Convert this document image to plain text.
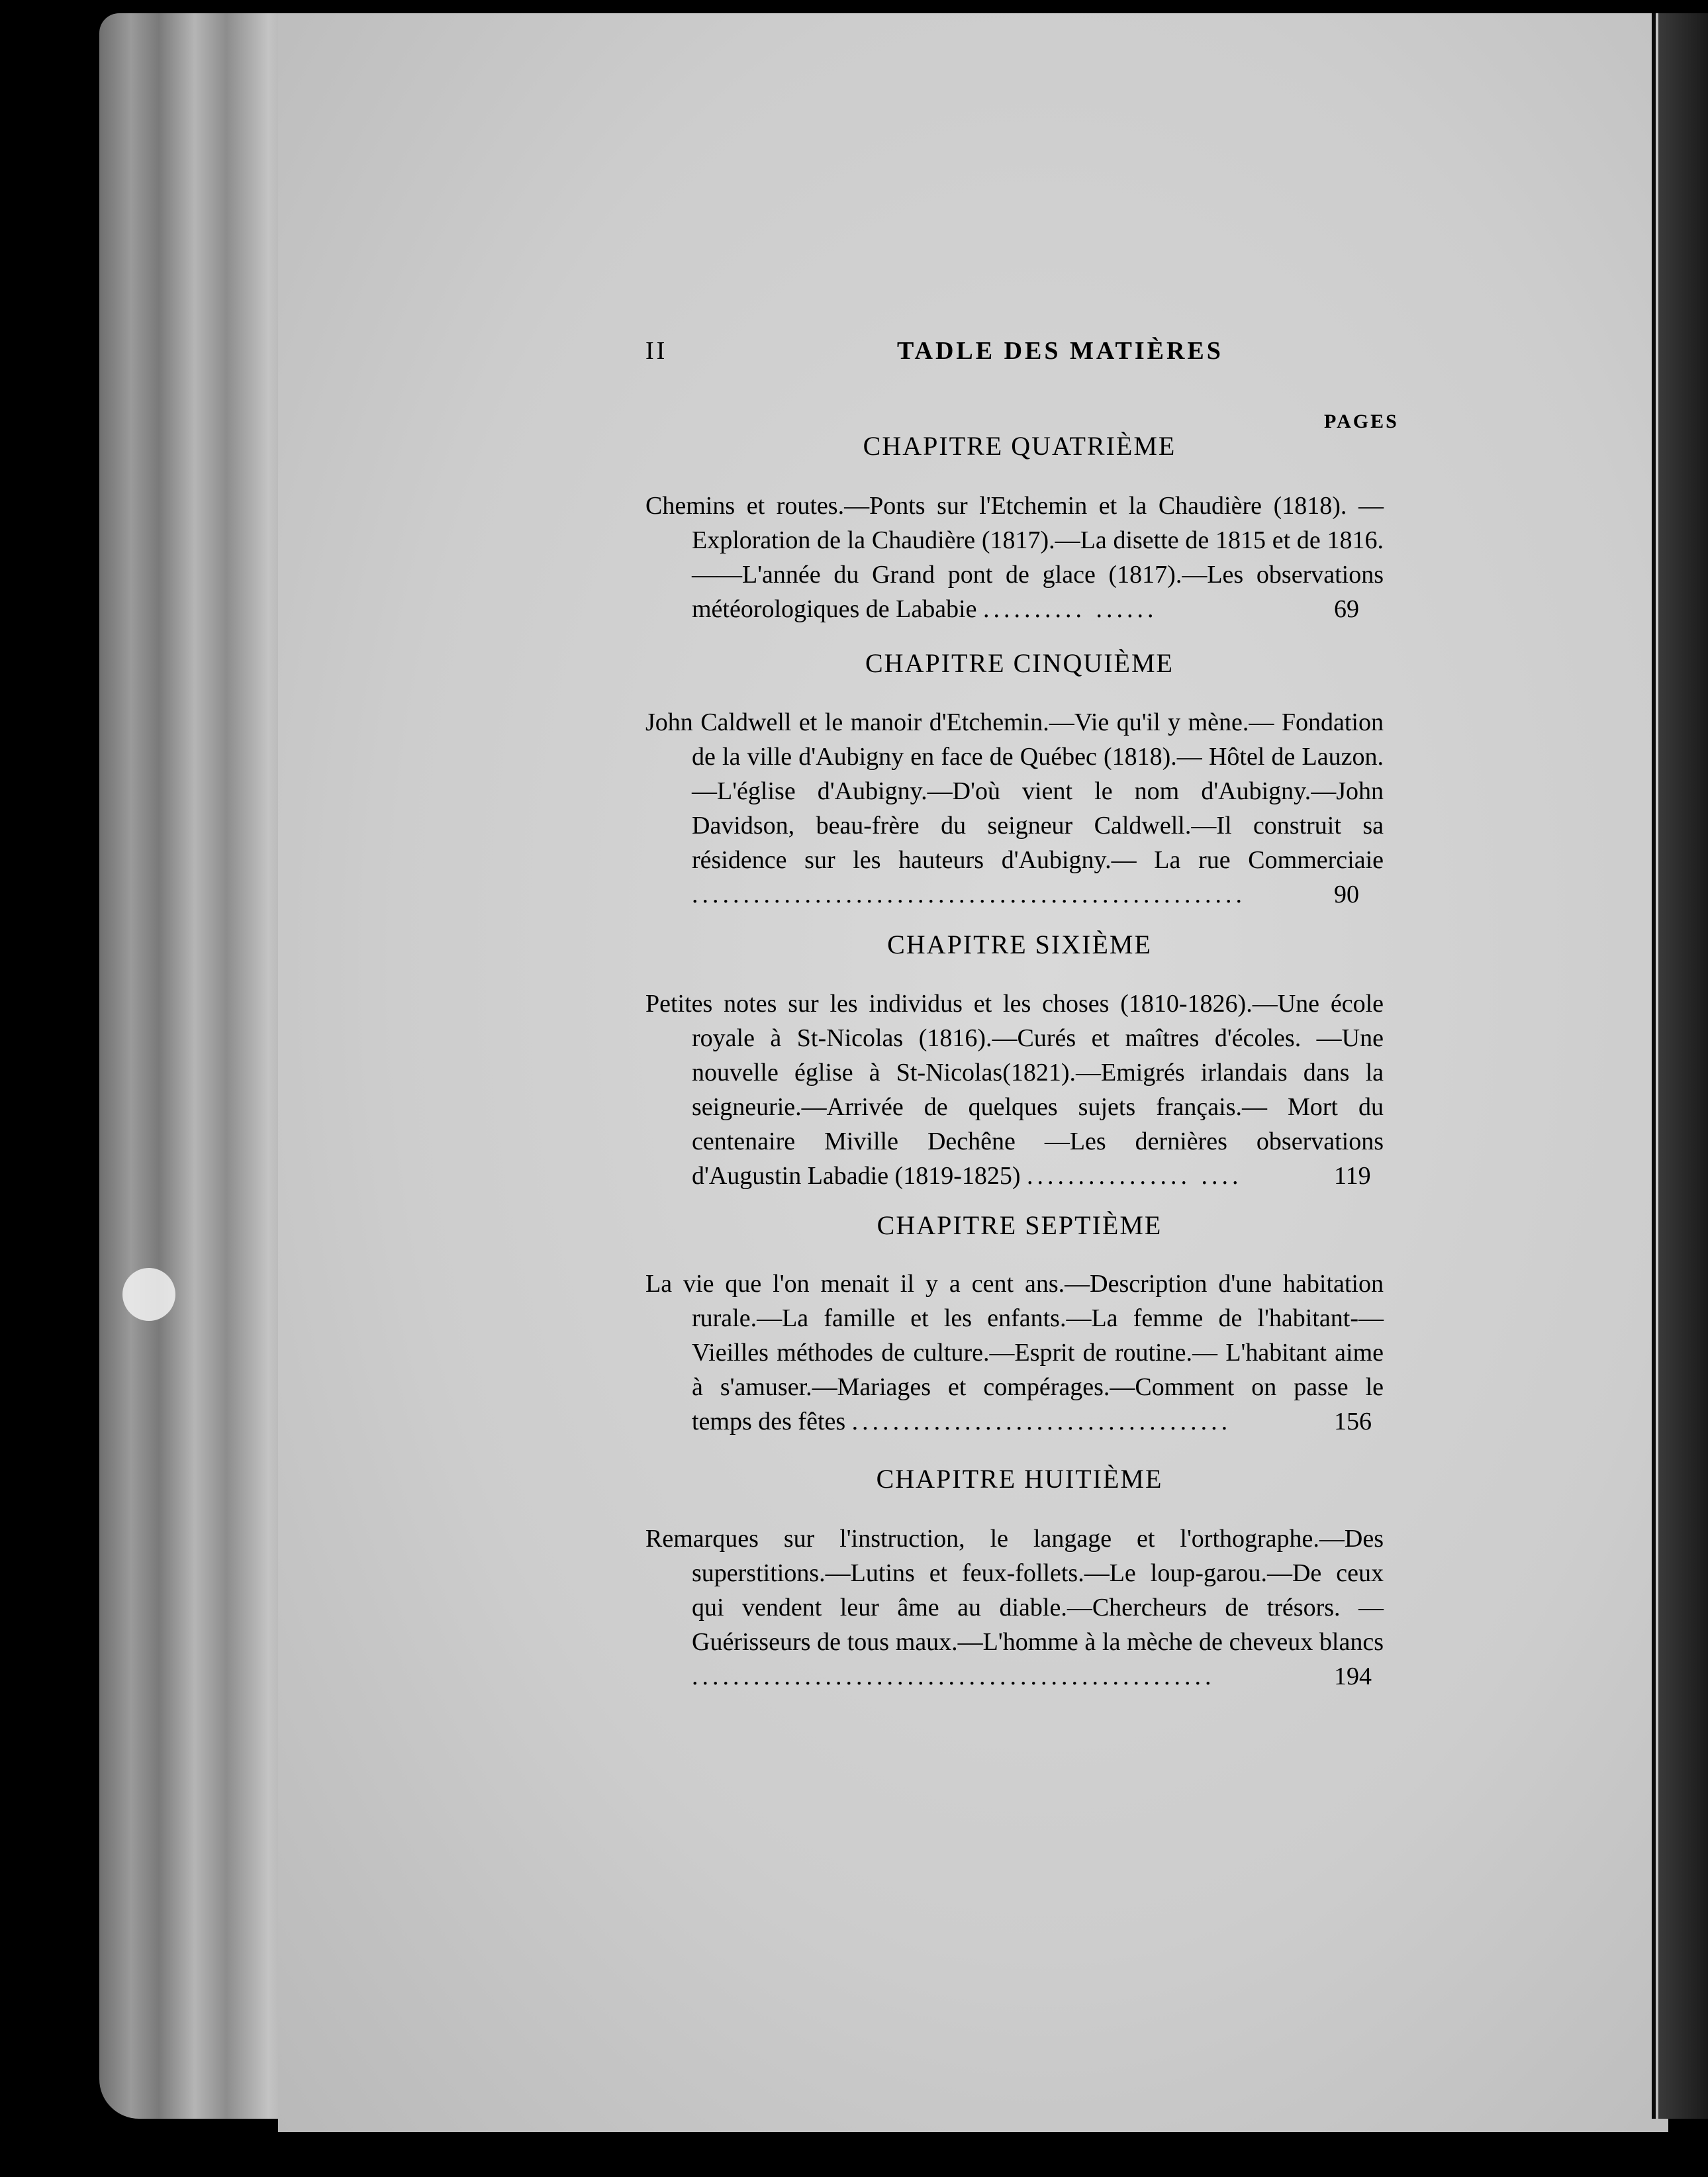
II	TADLE DES MATIÈRES
PAGES
CHAPITRE QUATRIÈME
Chemins et routes.—Ponts sur l'Etchemin et la Chaudière (1818). —Exploration de la Chaudière (1817).—La disette de 1815 et de 1816.——L'année du Grand pont de glace (1817).—Les observations météorologiques de Lababie .......... ......	69
CHAPITRE CINQUIÈME
John Caldwell et le manoir d'Etchemin.—Vie qu'il y mène.— Fondation de la ville d'Aubigny en face de Québec (1818).— Hôtel de Lauzon.—L'église d'Aubigny.—D'où vient le nom d'Aubigny.—John Davidson, beau-frère du seigneur Caldwell.—Il construit sa résidence sur les hauteurs d'Aubigny.— La rue Commerciaie ......................................................	90
CHAPITRE SIXIÈME
Petites notes sur les individus et les choses (1810-1826).—Une école royale à St-Nicolas (1816).—Curés et maîtres d'écoles. —Une nouvelle église à St-Nicolas(1821).—Emigrés irlandais dans la seigneurie.—Arrivée de quelques sujets français.— Mort du centenaire Miville Dechêne —Les dernières observations d'Augustin Labadie (1819-1825) ................ ....	119
CHAPITRE SEPTIÈME
La vie que l'on menait il y a cent ans.—Description d'une habitation rurale.—La famille et les enfants.—La femme de l'habitant-—Vieilles méthodes de culture.—Esprit de routine.— L'habitant aime à s'amuser.—Mariages et compérages.—Comment on passe le temps des fêtes .....................................	156
CHAPITRE HUITIÈME
Remarques sur l'instruction, le langage et l'orthographe.—Des superstitions.—Lutins et feux-follets.—Le loup-garou.—De ceux qui vendent leur âme au diable.—Chercheurs de trésors. —Guérisseurs de tous maux.—L'homme à la mèche de cheveux blancs ...................................................	194
